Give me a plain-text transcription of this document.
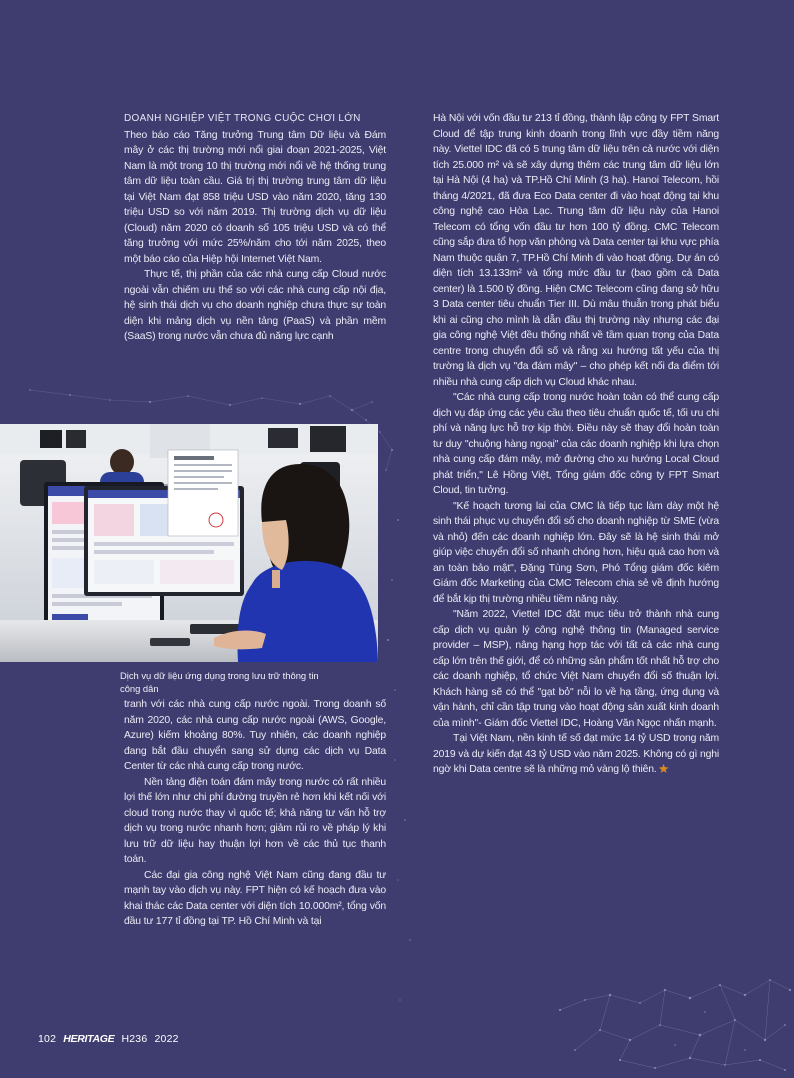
DOANH NGHIỆP VIỆT TRONG CUỘC CHƠI LỚN

Theo báo cáo Tăng trưởng Trung tâm Dữ liệu và Đám mây ở các thị trường mới nổi giai đoạn 2021-2025, Việt Nam là một trong 10 thị trường mới nổi về hệ thống trung tâm dữ liệu toàn cầu. Giá trị thị trường trung tâm dữ liệu tại Việt Nam đạt 858 triệu USD vào năm 2020, tăng 130 triệu USD so với năm 2019. Thị trường dịch vụ dữ liệu (Cloud) năm 2020 có doanh số 105 triệu USD và có thể tăng trưởng với mức 25%/năm cho tới năm 2025, theo một báo cáo của Hiệp hội Internet Việt Nam.

Thực tế, thị phần của các nhà cung cấp Cloud nước ngoài vẫn chiếm ưu thế so với các nhà cung cấp nội địa, hệ sinh thái dịch vụ cho doanh nghiệp chưa thực sự toàn diện khi mảng dịch vụ nền tảng (PaaS) và phần mềm (SaaS) trong nước vẫn chưa đủ năng lực cạnh

Dịch vụ dữ liệu ứng dụng trong lưu trữ thông tin công dân

tranh với các nhà cung cấp nước ngoài. Trong doanh số năm 2020, các nhà cung cấp nước ngoài (AWS, Google, Azure) kiếm khoảng 80%. Tuy nhiên, các doanh nghiệp đang bắt đầu chuyển sang sử dụng các dịch vụ Data Center từ các nhà cung cấp trong nước.

Nền tảng điện toán đám mây trong nước có rất nhiều lợi thế lớn như chi phí đường truyền rẻ hơn khi kết nối với cloud trong nước thay vì quốc tế; khả năng tư vấn hỗ trợ dịch vụ trong nước nhanh hơn; giảm rủi ro về pháp lý khi lưu trữ dữ liệu hay thuận lợi hơn về các thủ tục thanh toán.

Các đại gia công nghệ Việt Nam cũng đang đầu tư mạnh tay vào dịch vụ này. FPT hiện có kế hoạch đưa vào khai thác các Data center với diện tích 10.000m², tổng vốn đầu tư 177 tỉ đồng tại TP. Hồ Chí Minh và tại

Hà Nội với vốn đầu tư 213 tỉ đồng, thành lập công ty FPT Smart Cloud để tập trung kinh doanh trong lĩnh vực đầy tiềm năng này. Viettel IDC đã có 5 trung tâm dữ liệu trên cả nước với diện tích 25.000 m² và sẽ xây dựng thêm các trung tâm dữ liệu lớn tại Hà Nội (4 ha) và TP.Hồ Chí Minh (3 ha). Hanoi Telecom, hồi tháng 4/2021, đã đưa Eco Data center đi vào hoạt động tại khu công nghệ cao Hòa Lạc. Trung tâm dữ liệu này của Hanoi Telecom có tổng vốn đầu tư hơn 100 tỷ đồng. CMC Telecom cũng sắp đưa tổ hợp văn phòng và Data center tại khu vực phía Nam thuộc quận 7, TP.Hồ Chí Minh đi vào hoạt động. Dự án có diện tích 13.133m² và tổng mức đầu tư (bao gồm cả Data center) là 1.500 tỷ đồng. Hiện CMC Telecom cũng đang sở hữu 3 Data center tiêu chuẩn Tier III. Dù mâu thuẫn trong phát biểu khi ai cũng cho mình là dẫn đầu thị trường này nhưng các đại gia công nghệ Việt đều thống nhất về tầm quan trọng của Data centre trong chuyển đổi số và rằng xu hướng tất yếu của thị trường là dịch vụ "đa đám mây" – cho phép kết nối đa điểm tới nhiều nhà cung cấp dịch vụ Cloud khác nhau.

"Các nhà cung cấp trong nước hoàn toàn có thể cung cấp dịch vụ đáp ứng các yêu cầu theo tiêu chuẩn quốc tế, tối ưu chi phí và năng lực hỗ trợ kịp thời. Điều này sẽ thay đổi hoàn toàn tư duy "chuộng hàng ngoại" của các doanh nghiệp khi lựa chọn nhà cung cấp đám mây, mở đường cho xu hướng Local Cloud phát triển," Lê Hồng Việt, Tổng giám đốc công ty FPT Smart Cloud, tin tưởng.

"Kế hoạch tương lai của CMC là tiếp tục làm dày một hệ sinh thái phục vụ chuyển đổi số cho doanh nghiệp từ SME (vừa và nhỏ) đến các doanh nghiệp lớn. Đây sẽ là hệ sinh thái mở giúp việc chuyển đổi số nhanh chóng hơn, hiệu quả cao hơn và an toàn bảo mật", Đặng Tùng Sơn, Phó Tổng giám đốc kiêm Giám đốc Marketing của CMC Telecom chia sẻ về định hướng để bắt kịp thị trường nhiều tiềm năng này.

"Năm 2022, Viettel IDC đặt mục tiêu trở thành nhà cung cấp dịch vụ quản lý công nghệ thông tin (Managed service provider – MSP), nâng hạng hợp tác với tất cả các nhà cung cấp lớn trên thế giới, để có những sản phẩm tốt nhất hỗ trợ cho các doanh nghiệp, tổ chức Việt Nam chuyển đổi số thuận lợi. Khách hàng sẽ có thể "gạt bỏ" nỗi lo về hạ tầng, ứng dụng và vận hành, chỉ cần tập trung vào hoạt động sản xuất kinh doanh của mình"- Giám đốc Viettel IDC, Hoàng Văn Ngọc nhấn mạnh.

Tại Việt Nam, nền kinh tế số đạt mức 14 tỷ USD trong năm 2019 và dự kiến đạt 43 tỷ USD vào năm 2025. Không có gì nghi ngờ khi Data centre sẽ là những mỏ vàng lộ thiên.

102 HERITAGE H236 2022
